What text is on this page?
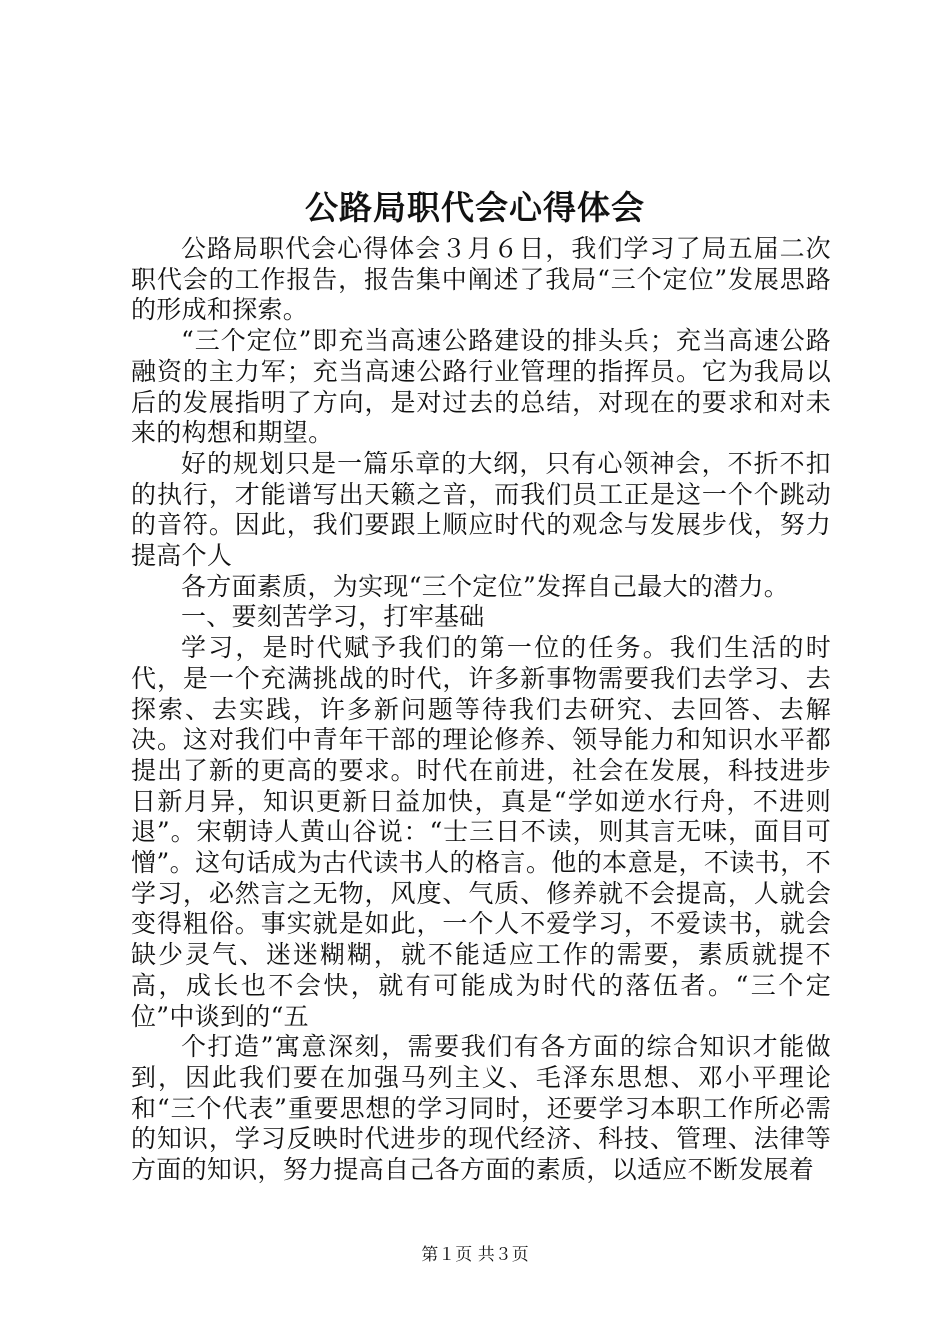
公路局职代会心得体会

公路局职代会心得体会３月６日，我们学习了局五届二次职代会的工作报告，报告集中阐述了我局“三个定位”发展思路的形成和探索。

“三个定位”即充当高速公路建设的排头兵；充当高速公路融资的主力军；充当高速公路行业管理的指挥员。它为我局以后的发展指明了方向，是对过去的总结，对现在的要求和对未来的构想和期望。

好的规划只是一篇乐章的大纲，只有心领神会，不折不扣的执行，才能谱写出天籁之音，而我们员工正是这一个个跳动的音符。因此，我们要跟上顺应时代的观念与发展步伐，努力提高个人

各方面素质，为实现“三个定位”发挥自己最大的潜力。

一、要刻苦学习，打牢基础

学习，是时代赋予我们的第一位的任务。我们生活的时代，是一个充满挑战的时代，许多新事物需要我们去学习、去探索、去实践，许多新问题等待我们去研究、去回答、去解决。这对我们中青年干部的理论修养、领导能力和知识水平都提出了新的更高的要求。时代在前进，社会在发展，科技进步日新月异，知识更新日益加快，真是“学如逆水行舟，不进则退”。宋朝诗人黄山谷说：“士三日不读，则其言无味，面目可憎”。这句话成为古代读书人的格言。他的本意是，不读书，不学习，必然言之无物，风度、气质、修养就不会提高，人就会变得粗俗。事实就是如此，一个人不爱学习，不爱读书，就会缺少灵气、迷迷糊糊，就不能适应工作的需要，素质就提不高，成长也不会快，就有可能成为时代的落伍者。“三个定位”中谈到的“五

个打造”寓意深刻，需要我们有各方面的综合知识才能做到，因此我们要在加强马列主义、毛泽东思想、邓小平理论和“三个代表”重要思想的学习同时，还要学习本职工作所必需的知识，学习反映时代进步的现代经济、科技、管理、法律等方面的知识，努力提高自己各方面的素质，以适应不断发展着

第１页 共３页
